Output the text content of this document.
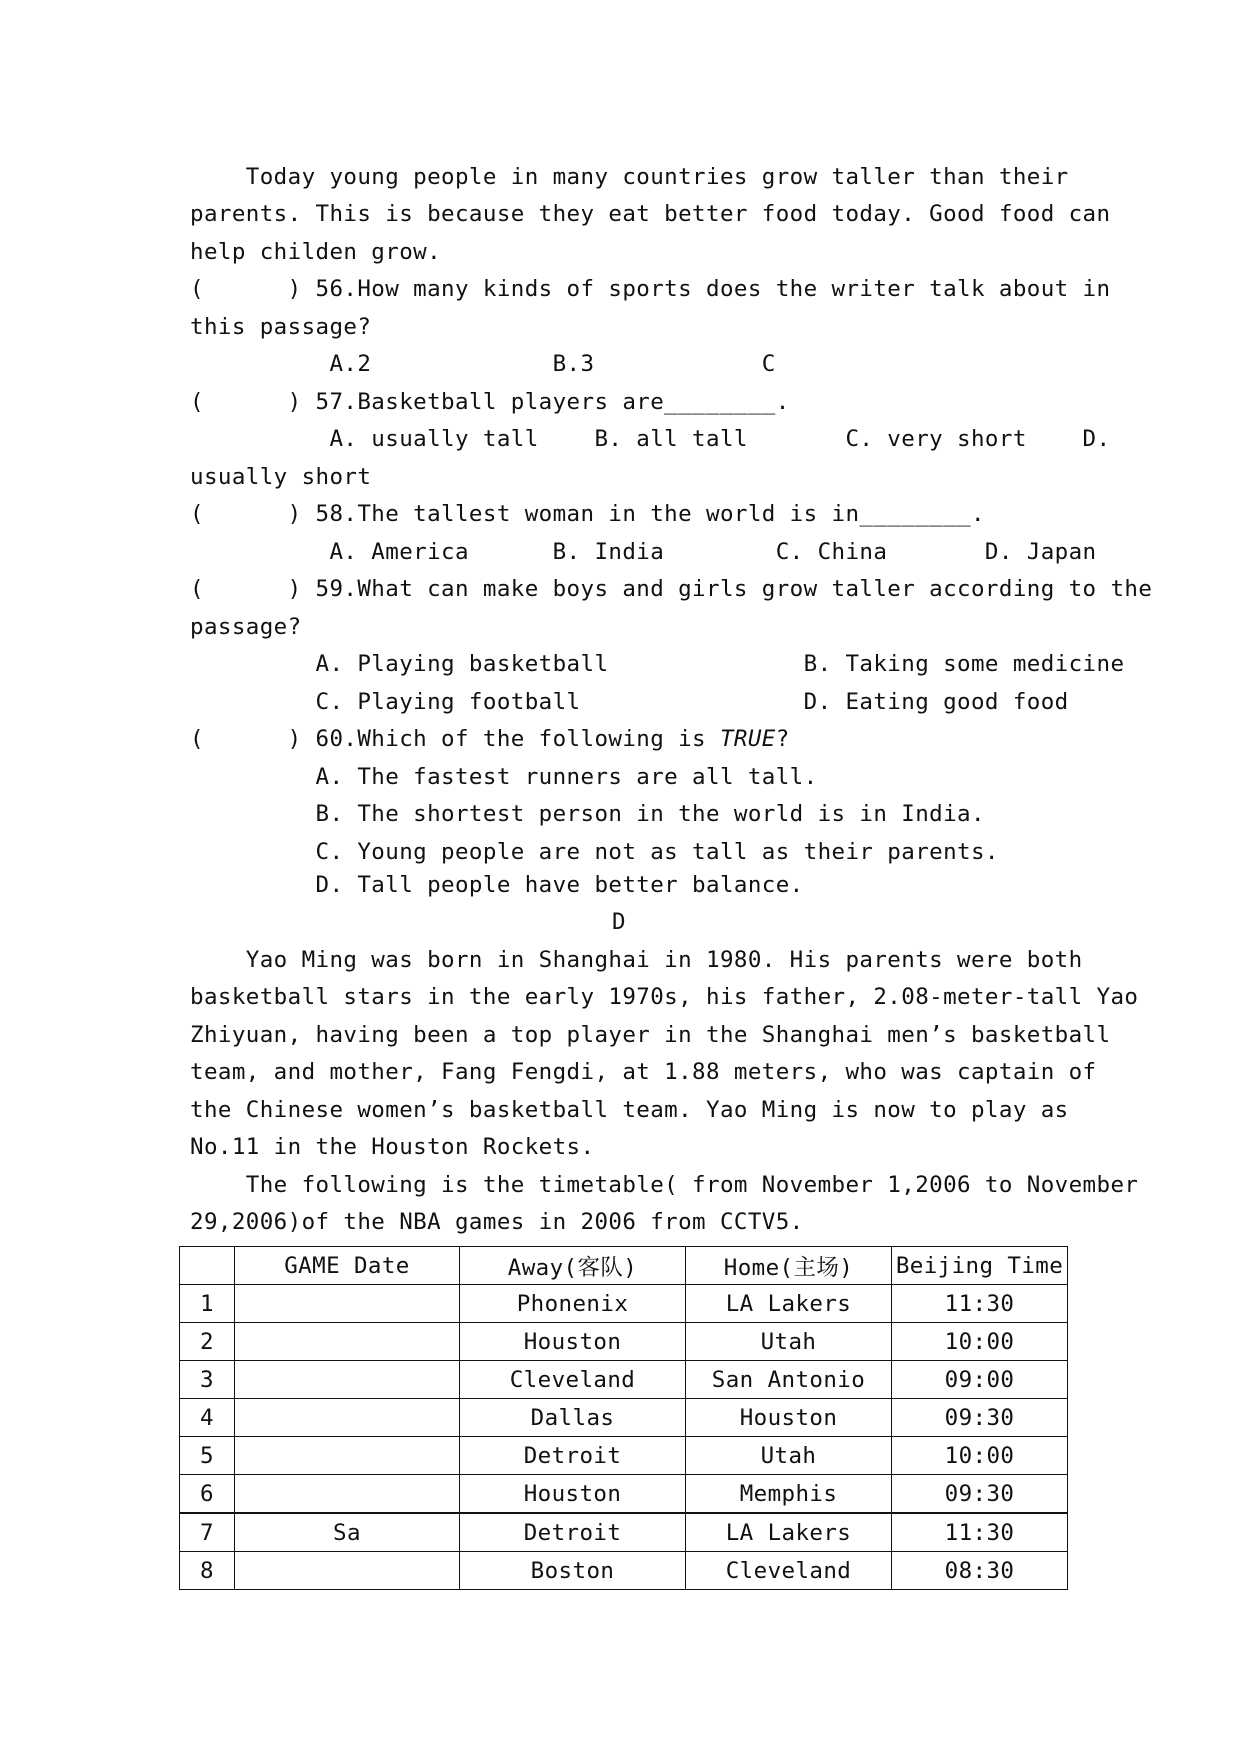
Today young people in many countries grow taller than their
parents. This is because they eat better food today. Good food can
help childen grow.
(      ) 56.How many kinds of sports does the writer talk about in
this passage?
A.2             B.3            C
(      ) 57.Basketball players are________.
A. usually tall    B. all tall       C. very short    D.
usually short
(      ) 58.The tallest woman in the world is in________.
A. America      B. India        C. China       D. Japan
(      ) 59.What can make boys and girls grow taller according to the
passage?
A. Playing basketball              B. Taking some medicine
C. Playing football                D. Eating good food
(      ) 60.Which of the following is TRUE?
A. The fastest runners are all tall.
B. The shortest person in the world is in India.
C. Young people are not as tall as their parents.
D. Tall people have better balance.
D
Yao Ming was born in Shanghai in 1980. His parents were both
basketball stars in the early 1970s, his father, 2.08-meter-tall Yao
Zhiyuan, having been a top player in the Shanghai men’s basketball
team, and mother, Fang Fengdi, at 1.88 meters, who was captain of
the Chinese women’s basketball team. Yao Ming is now to play as
No.11 in the Houston Rockets.
The following is the timetable( from November 1,2006 to November
29,2006)of the NBA games in 2006 from CCTV5.
	GAME Date	Away(客队)	Home(主场)	Beijing Time
1		Phonenix	LA Lakers	11:30
2		Houston	Utah	10:00
3		Cleveland	San Antonio	09:00
4		Dallas	Houston	09:30
5		Detroit	Utah	10:00
6		Houston	Memphis	09:30
7	Sa	Detroit	LA Lakers	11:30
8		Boston	Cleveland	08:30
